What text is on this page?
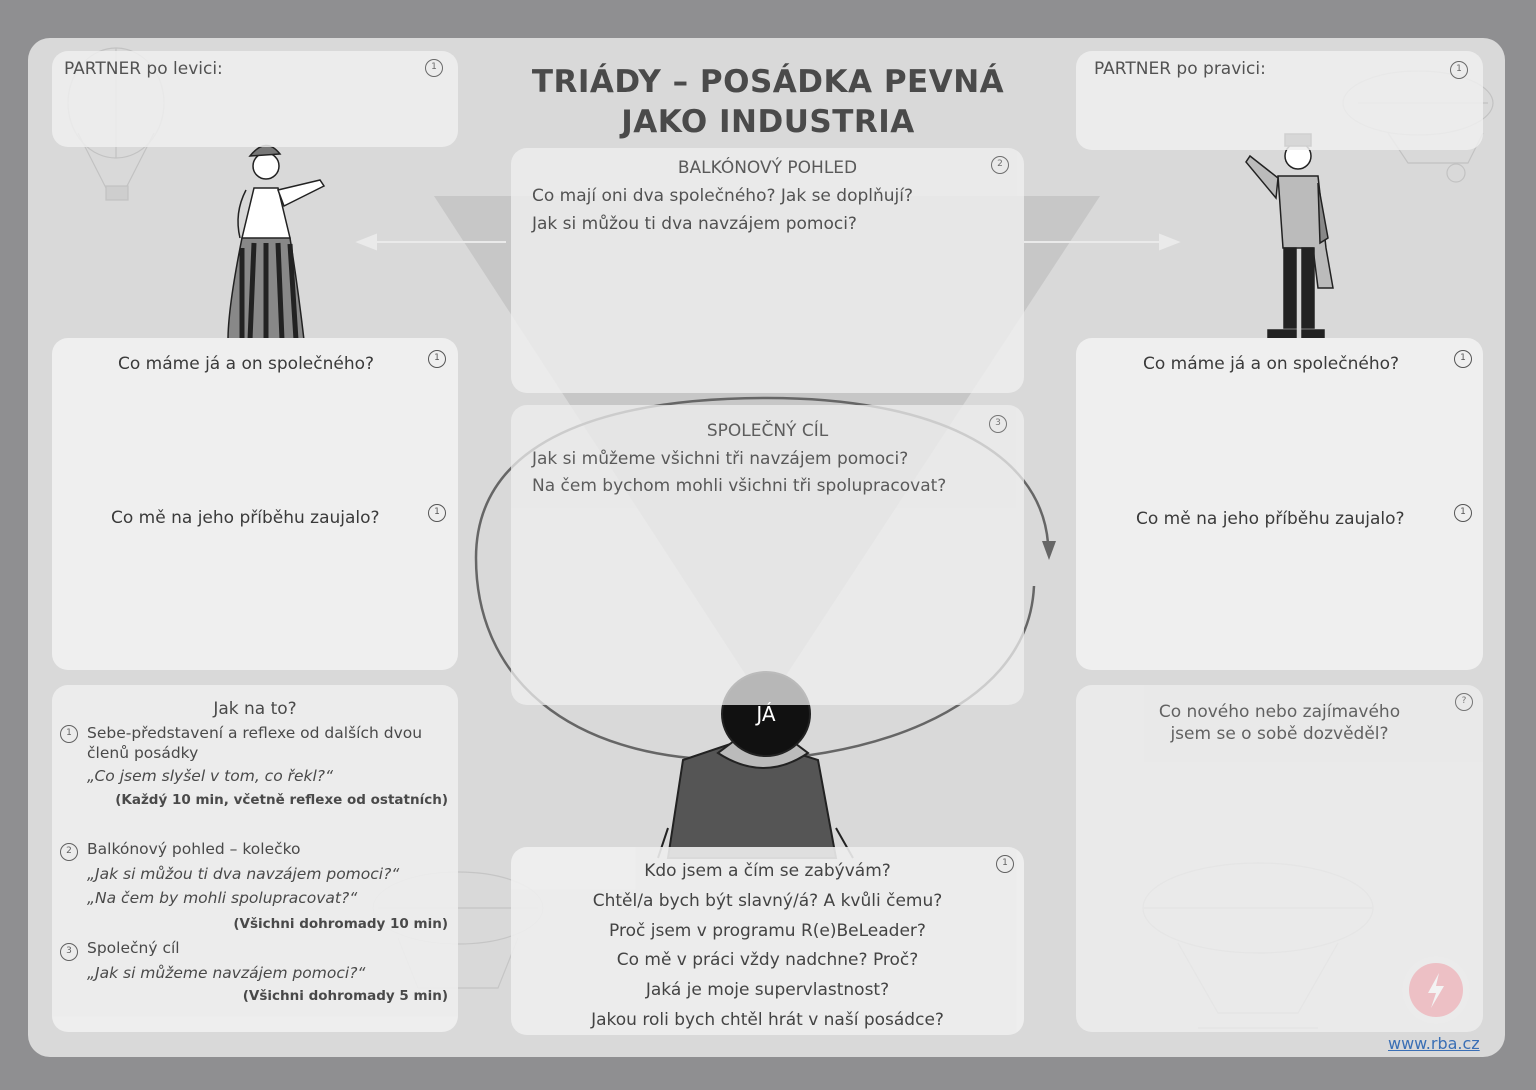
TRIÁDY – POSÁDKA PEVNÁ
JAKO INDUSTRIA
PARTNER po levici:	1	PARTNER po pravici:	1
BALKÓNOVÝ POHLED	2
Co mají oni dva společného? Jak se doplňují?
Jak si můžou ti dva navzájem pomoci?
SPOLEČNÝ CÍL	3
Jak si můžeme všichni tři navzájem pomoci?
Na čem bychom mohli všichni tři spolupracovat?
Co máme já a on společného?	1
Co mě na jeho příběhu zaujalo?	1
Co máme já a on společného?	1
Co mě na jeho příběhu zaujalo?	1
JÁ
Jak na to?
1 Sebe-představení a reflexe od dalších dvou členů posádky
„Co jsem slyšel v tom, co řekl?“
(Každý 10 min, včetně reflexe od ostatních)
2 Balkónový pohled – kolečko
„Jak si můžou ti dva navzájem pomoci?“
„Na čem by mohli spolupracovat?“
(Všichni dohromady 10 min)
3 Společný cíl
„Jak si můžeme navzájem pomoci?“
(Všichni dohromady 5 min)
1
Kdo jsem a čím se zabývám?
Chtěl/a bych být slavný/á? A kvůli čemu?
Proč jsem v programu R(e)BeLeader?
Co mě v práci vždy nadchne? Proč?
Jaká je moje supervlastnost?
Jakou roli bych chtěl hrát v naší posádce?
Co nového nebo zajímavého
jsem se o sobě dozvěděl?
?
www.rba.cz
